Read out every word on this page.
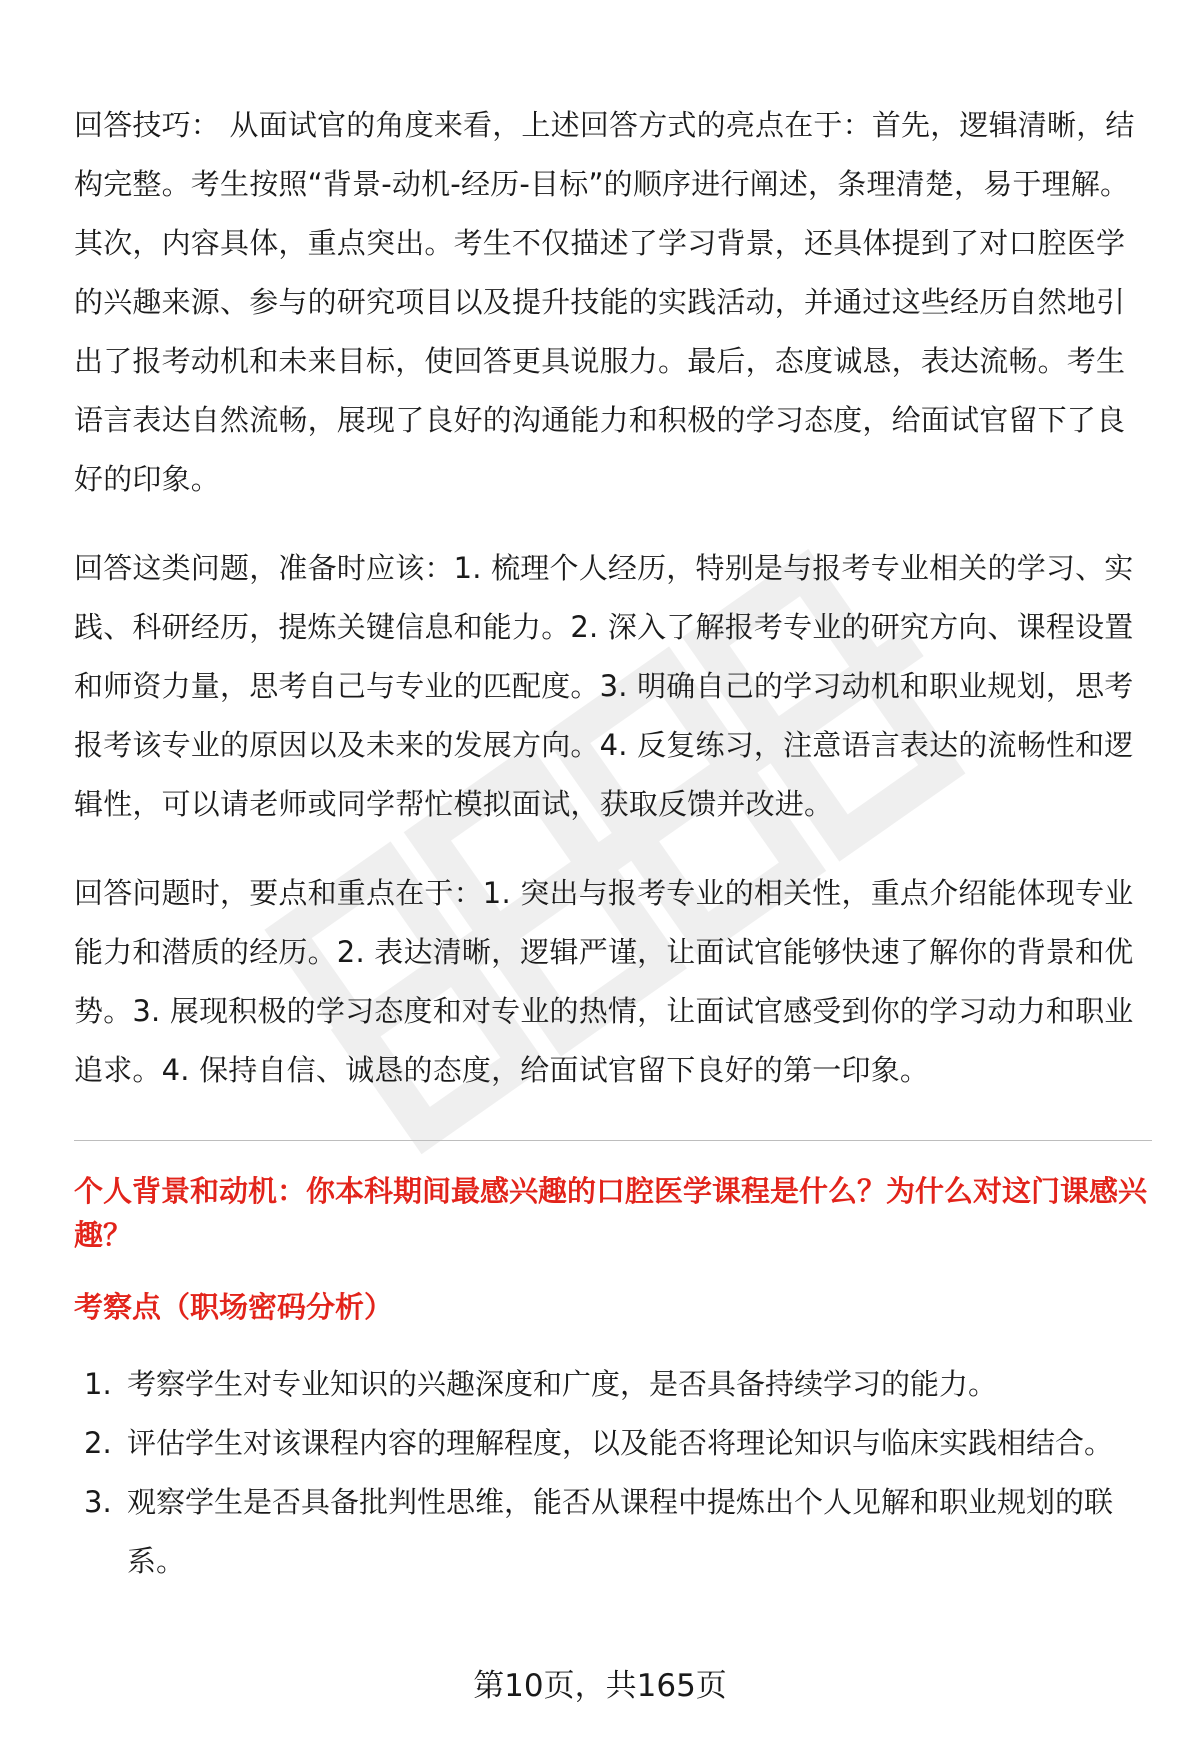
回答技巧： 从面试官的角度来看，上述回答方式的亮点在于：首先，逻辑清晰，结构完整。考生按照“背景-动机-经历-目标”的顺序进行阐述，条理清楚，易于理解。其次，内容具体，重点突出。考生不仅描述了学习背景，还具体提到了对口腔医学的兴趣来源、参与的研究项目以及提升技能的实践活动，并通过这些经历自然地引出了报考动机和未来目标，使回答更具说服力。最后，态度诚恳，表达流畅。考生语言表达自然流畅，展现了良好的沟通能力和积极的学习态度，给面试官留下了良好的印象。

回答这类问题，准备时应该：1. 梳理个人经历，特别是与报考专业相关的学习、实践、科研经历，提炼关键信息和能力。2. 深入了解报考专业的研究方向、课程设置和师资力量，思考自己与专业的匹配度。3. 明确自己的学习动机和职业规划，思考报考该专业的原因以及未来的发展方向。4. 反复练习，注意语言表达的流畅性和逻辑性，可以请老师或同学帮忙模拟面试，获取反馈并改进。

回答问题时，要点和重点在于：1. 突出与报考专业的相关性，重点介绍能体现专业能力和潜质的经历。2. 表达清晰，逻辑严谨，让面试官能够快速了解你的背景和优势。3. 展现积极的学习态度和对专业的热情，让面试官感受到你的学习动力和职业追求。4. 保持自信、诚恳的态度，给面试官留下良好的第一印象。

个人背景和动机：你本科期间最感兴趣的口腔医学课程是什么？为什么对这门课感兴趣？
考察点（职场密码分析）
1. 考察学生对专业知识的兴趣深度和广度，是否具备持续学习的能力。
2. 评估学生对该课程内容的理解程度，以及能否将理论知识与临床实践相结合。
3. 观察学生是否具备批判性思维，能否从课程中提炼出个人见解和职业规划的联系。
第10页，共165页
